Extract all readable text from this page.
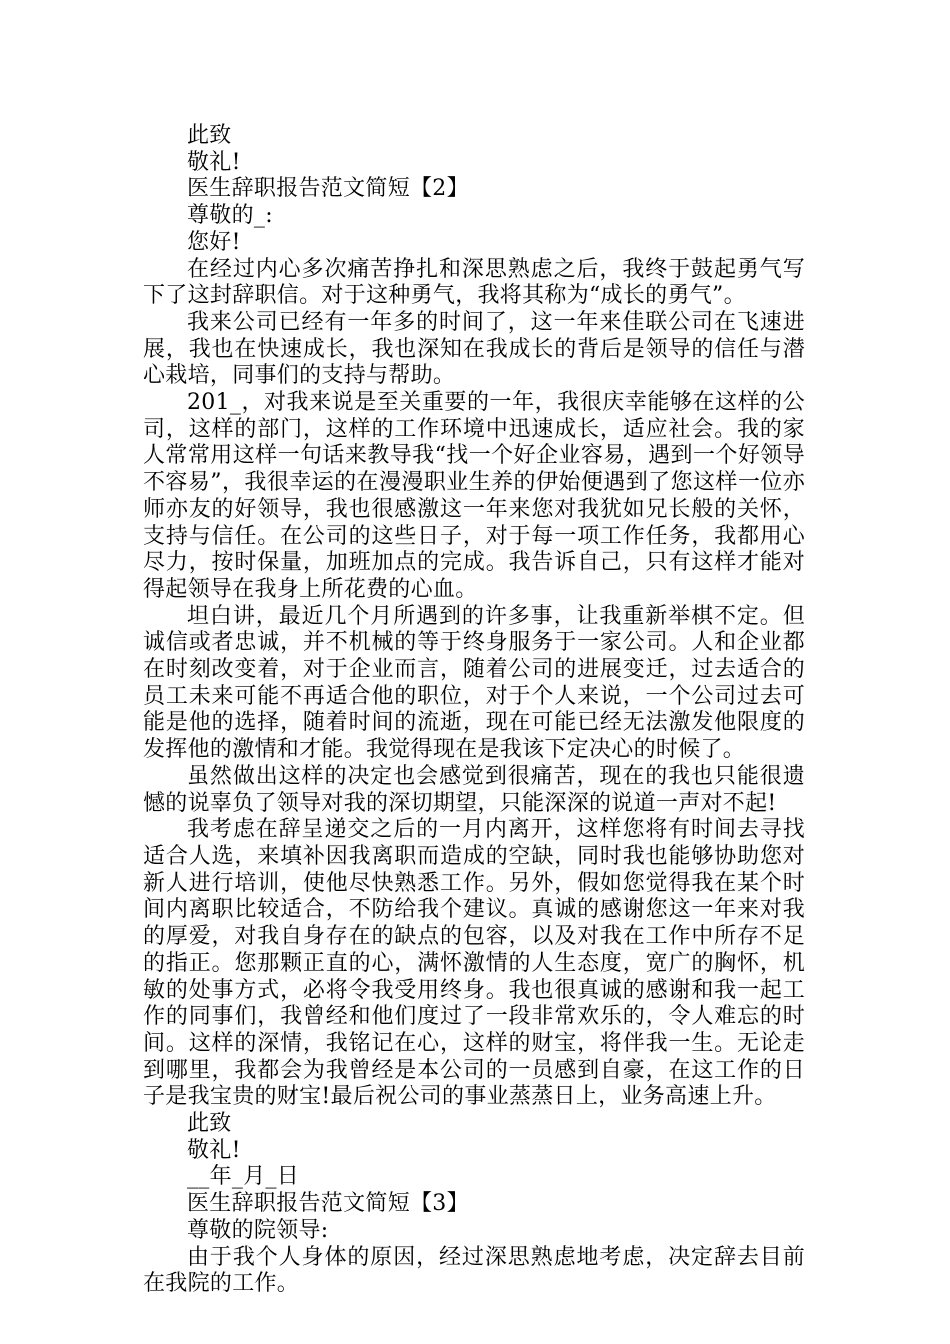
此致

敬礼!

医生辞职报告范文简短【2】

尊敬的_:

您好!

在经过内心多次痛苦挣扎和深思熟虑之后，我终于鼓起勇气写下了这封辞职信。对于这种勇气，我将其称为“成长的勇气”。

我来公司已经有一年多的时间了，这一年来佳联公司在飞速进展，我也在快速成长，我也深知在我成长的背后是领导的信任与潜心栽培，同事们的支持与帮助。

201_，对我来说是至关重要的一年，我很庆幸能够在这样的公司，这样的部门，这样的工作环境中迅速成长，适应社会。我的家人常常用这样一句话来教导我“找一个好企业容易，遇到一个好领导不容易”，我很幸运的在漫漫职业生养的伊始便遇到了您这样一位亦师亦友的好领导，我也很感激这一年来您对我犹如兄长般的关怀，支持与信任。在公司的这些日子，对于每一项工作任务，我都用心尽力，按时保量，加班加点的完成。我告诉自己，只有这样才能对得起领导在我身上所花费的心血。

坦白讲，最近几个月所遇到的许多事，让我重新举棋不定。但诚信或者忠诚，并不机械的等于终身服务于一家公司。人和企业都在时刻改变着，对于企业而言，随着公司的进展变迁，过去适合的员工未来可能不再适合他的职位，对于个人来说，一个公司过去可能是他的选择，随着时间的流逝，现在可能已经无法激发他限度的发挥他的激情和才能。我觉得现在是我该下定决心的时候了。

虽然做出这样的决定也会感觉到很痛苦，现在的我也只能很遗憾的说辜负了领导对我的深切期望，只能深深的说道一声对不起!

我考虑在辞呈递交之后的一月内离开，这样您将有时间去寻找适合人选，来填补因我离职而造成的空缺，同时我也能够协助您对新人进行培训，使他尽快熟悉工作。另外，假如您觉得我在某个时间内离职比较适合，不防给我个建议。真诚的感谢您这一年来对我的厚爱，对我自身存在的缺点的包容，以及对我在工作中所存不足的指正。您那颗正直的心，满怀激情的人生态度，宽广的胸怀，机敏的处事方式，必将令我受用终身。我也很真诚的感谢和我一起工作的同事们，我曾经和他们度过了一段非常欢乐的，令人难忘的时间。这样的深情，我铭记在心，这样的财宝，将伴我一生。无论走到哪里，我都会为我曾经是本公司的一员感到自豪，在这工作的日子是我宝贵的财宝!最后祝公司的事业蒸蒸日上，业务高速上升。

此致

敬礼!

__年_月_日

医生辞职报告范文简短【3】

尊敬的院领导:

由于我个人身体的原因，经过深思熟虑地考虑，决定辞去目前在我院的工作。
